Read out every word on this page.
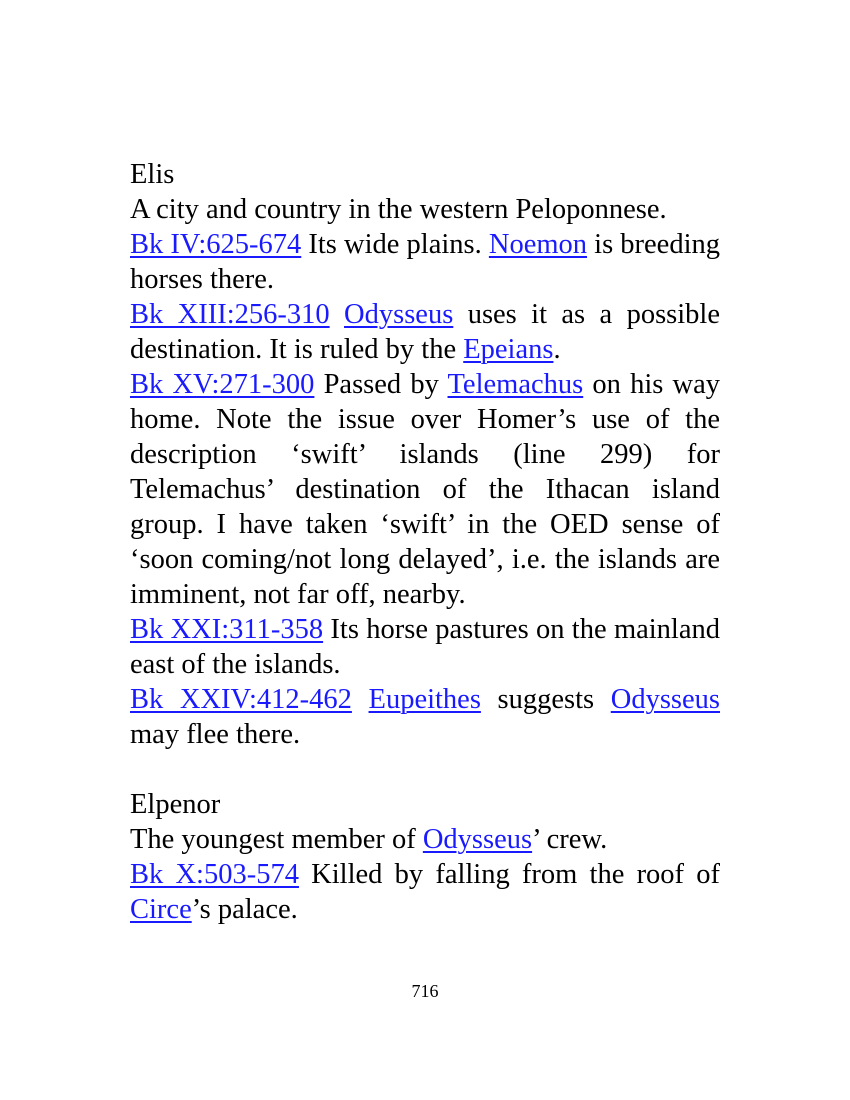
Elis

A city and country in the western Peloponnese.

Bk IV:625-674 Its wide plains. Noemon is breeding horses there.

Bk XIII:256-310 Odysseus uses it as a possible destination. It is ruled by the Epeians.

Bk XV:271-300 Passed by Telemachus on his way home. Note the issue over Homer’s use of the description ‘swift’ islands (line 299) for Telemachus’ destination of the Ithacan island group. I have taken ‘swift’ in the OED sense of ‘soon coming/not long delayed’, i.e. the islands are imminent, not far off, nearby.

Bk XXI:311-358 Its horse pastures on the mainland east of the islands.

Bk XXIV:412-462 Eupeithes suggests Odysseus may flee there.

Elpenor

The youngest member of Odysseus’ crew.

Bk X:503-574 Killed by falling from the roof of Circe’s palace.

716
